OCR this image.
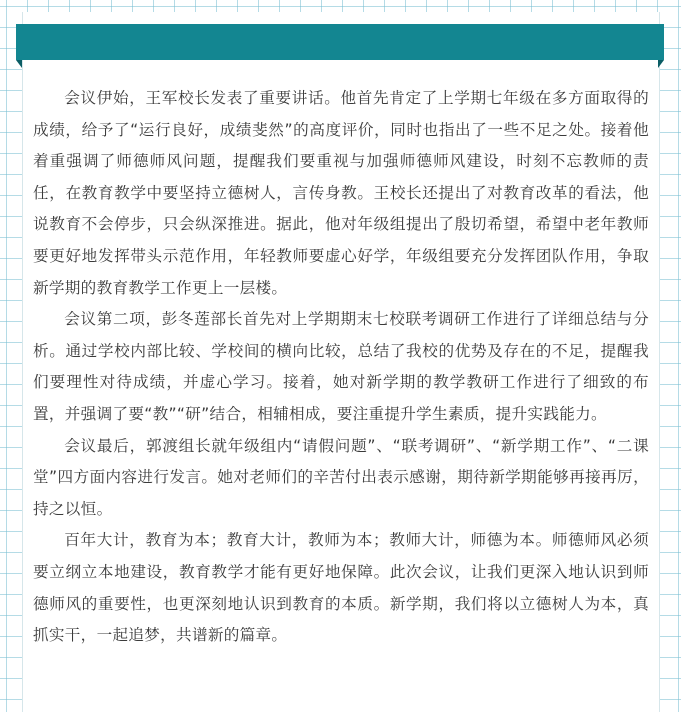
会议伊始，王军校长发表了重要讲话。他首先肯定了上学期七年级在多方面取得的成绩，给予了“运行良好，成绩斐然”的高度评价，同时也指出了一些不足之处。接着他着重强调了师德师风问题，提醒我们要重视与加强师德师风建设，时刻不忘教师的责任，在教育教学中要坚持立德树人，言传身教。王校长还提出了对教育改革的看法，他说教育不会停步，只会纵深推进。据此，他对年级组提出了殷切希望，希望中老年教师要更好地发挥带头示范作用，年轻教师要虚心好学，年级组要充分发挥团队作用，争取新学期的教育教学工作更上一层楼。

会议第二项，彭冬莲部长首先对上学期期末七校联考调研工作进行了详细总结与分析。通过学校内部比较、学校间的横向比较，总结了我校的优势及存在的不足，提醒我们要理性对待成绩，并虚心学习。接着，她对新学期的教学教研工作进行了细致的布置，并强调了要“教”“研”结合，相辅相成，要注重提升学生素质，提升实践能力。

会议最后，郭渡组长就年级组内“请假问题”、“联考调研”、“新学期工作”、“二课堂”四方面内容进行发言。她对老师们的辛苦付出表示感谢，期待新学期能够再接再厉，持之以恒。

百年大计，教育为本；教育大计，教师为本；教师大计，师德为本。师德师风必须要立纲立本地建设，教育教学才能有更好地保障。此次会议，让我们更深入地认识到师德师风的重要性，也更深刻地认识到教育的本质。新学期，我们将以立德树人为本，真抓实干，一起追梦，共谱新的篇章。
